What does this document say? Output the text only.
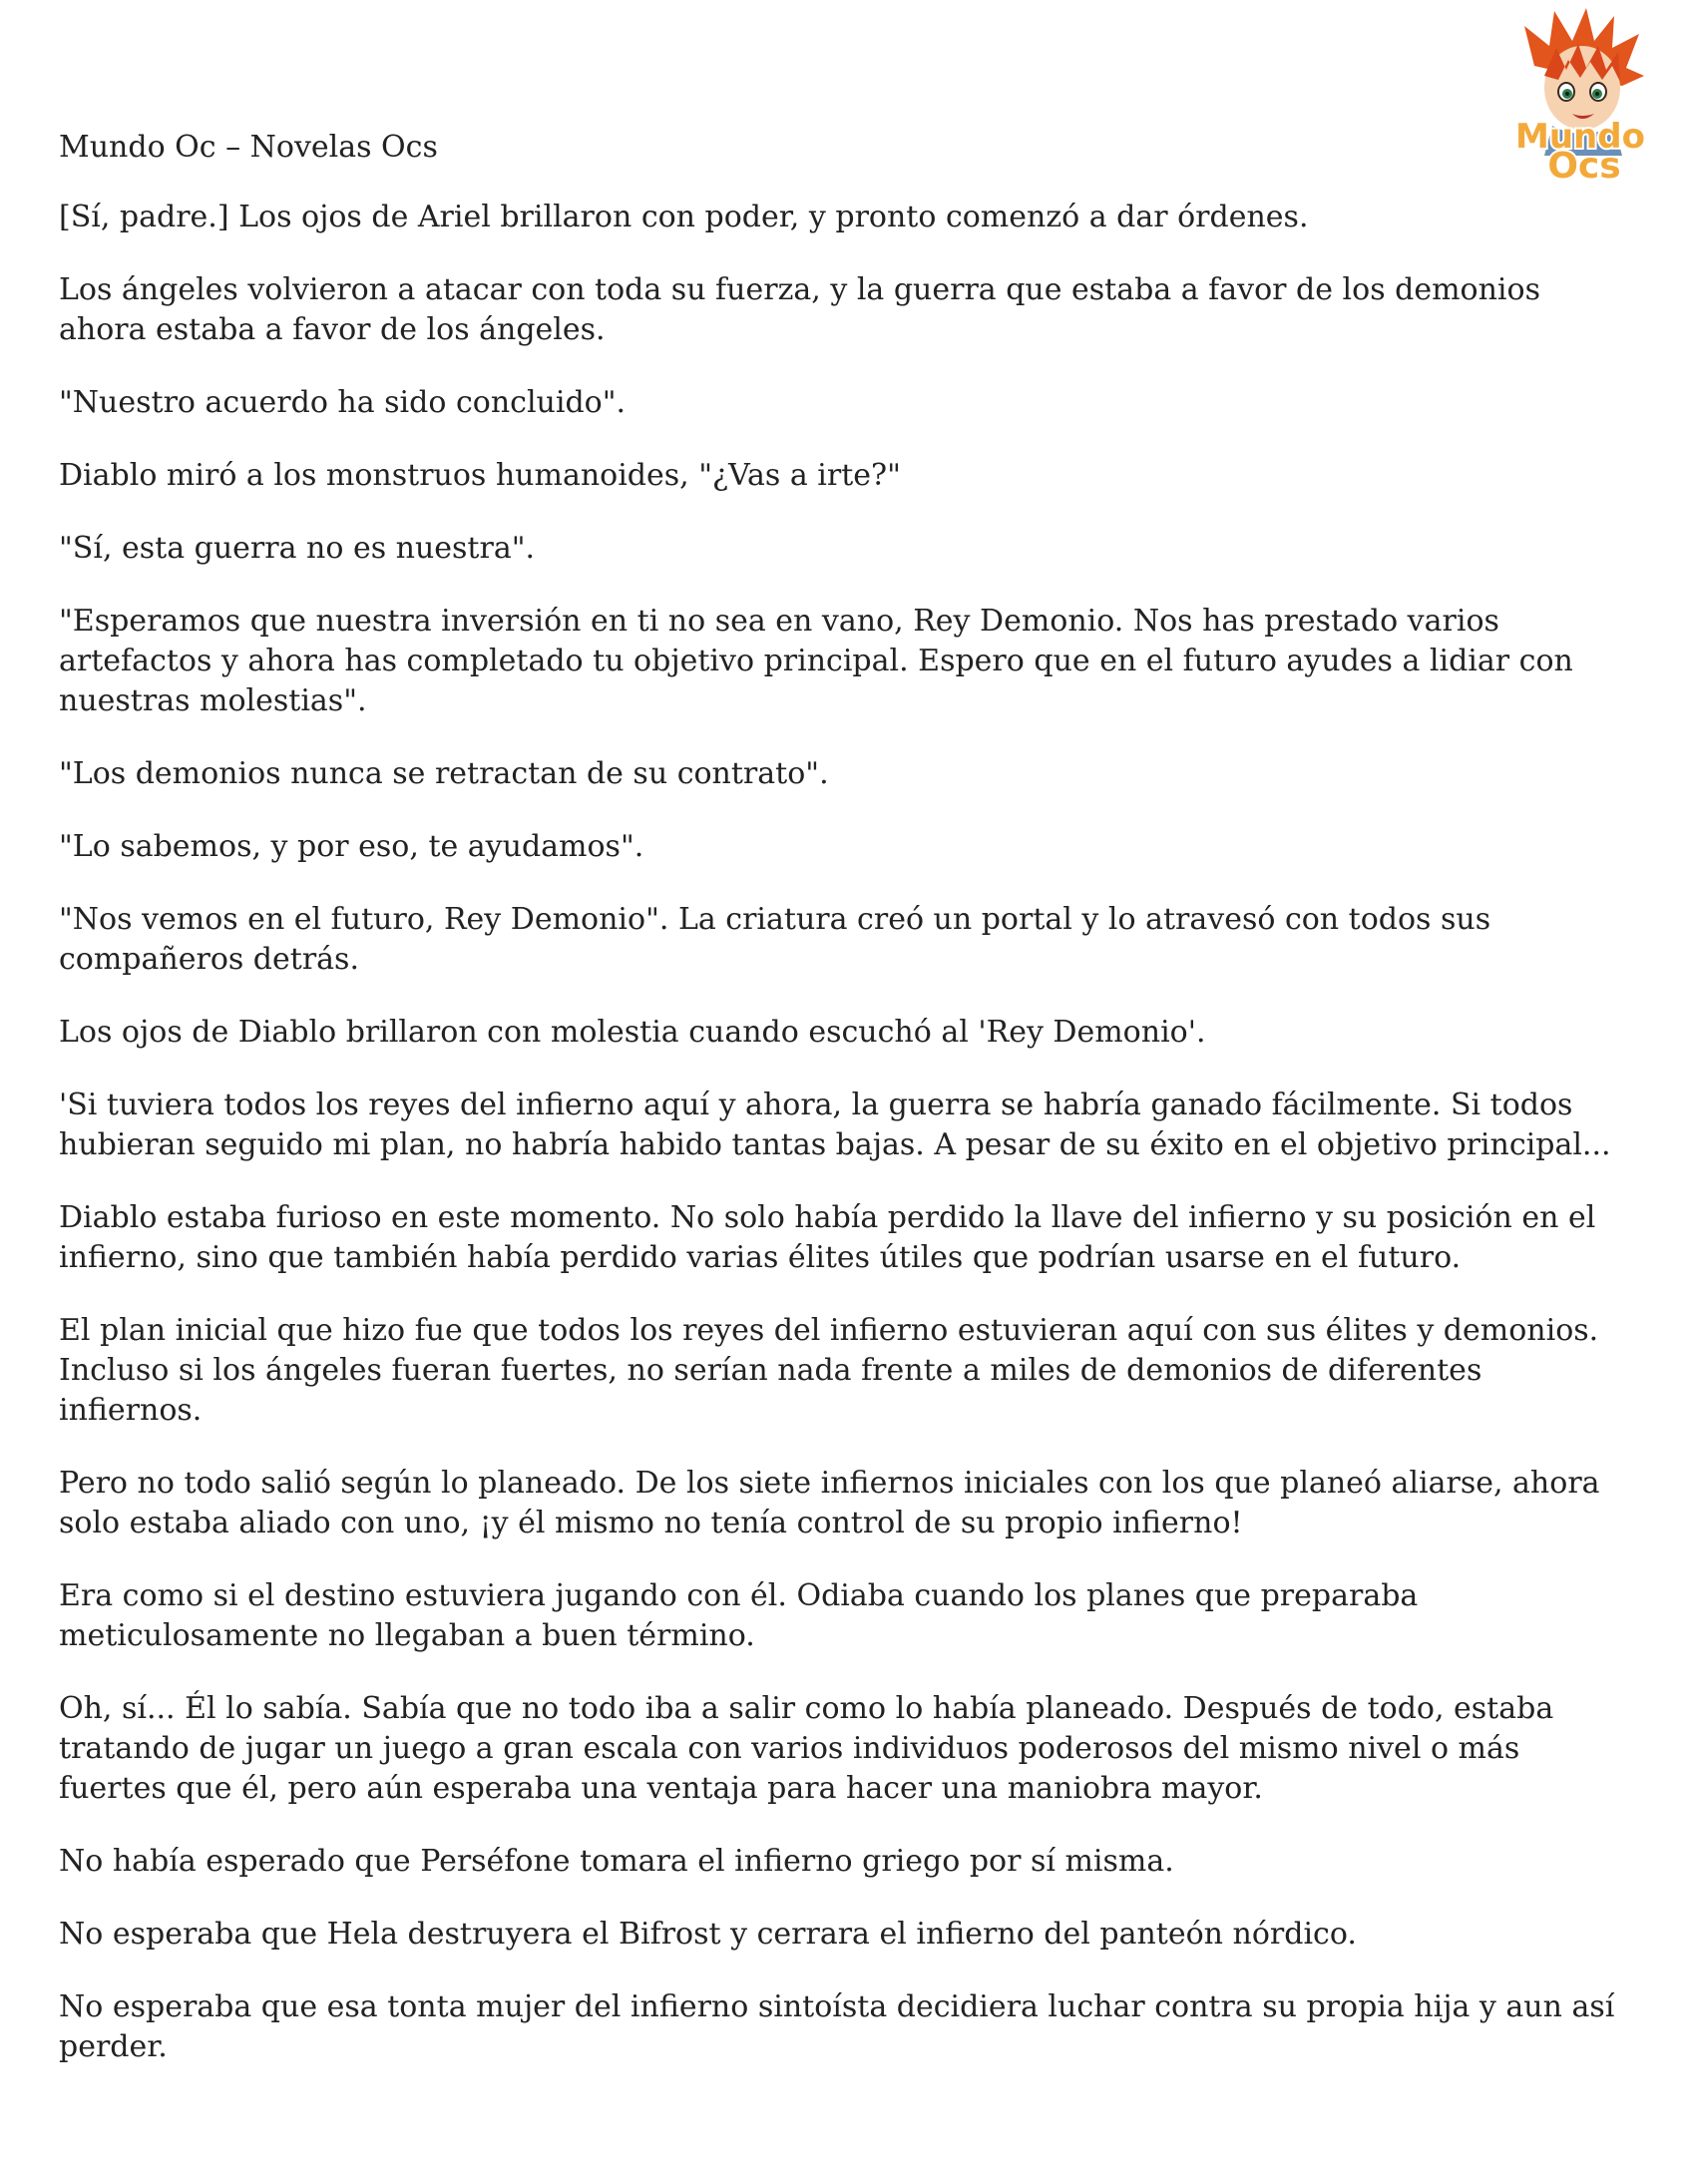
Mundo
Ocs

Mundo Oc – Novelas Ocs

[Sí, padre.] Los ojos de Ariel brillaron con poder, y pronto comenzó a dar órdenes.

Los ángeles volvieron a atacar con toda su fuerza, y la guerra que estaba a favor de los demonios ahora estaba a favor de los ángeles.

"Nuestro acuerdo ha sido concluido".

Diablo miró a los monstruos humanoides, "¿Vas a irte?"

"Sí, esta guerra no es nuestra".

"Esperamos que nuestra inversión en ti no sea en vano, Rey Demonio. Nos has prestado varios artefactos y ahora has completado tu objetivo principal. Espero que en el futuro ayudes a lidiar con nuestras molestias".

"Los demonios nunca se retractan de su contrato".

"Lo sabemos, y por eso, te ayudamos".

"Nos vemos en el futuro, Rey Demonio". La criatura creó un portal y lo atravesó con todos sus compañeros detrás.

Los ojos de Diablo brillaron con molestia cuando escuchó al 'Rey Demonio'.

'Si tuviera todos los reyes del infierno aquí y ahora, la guerra se habría ganado fácilmente. Si todos hubieran seguido mi plan, no habría habido tantas bajas. A pesar de su éxito en el objetivo principal...

Diablo estaba furioso en este momento. No solo había perdido la llave del infierno y su posición en el infierno, sino que también había perdido varias élites útiles que podrían usarse en el futuro.

El plan inicial que hizo fue que todos los reyes del infierno estuvieran aquí con sus élites y demonios. Incluso si los ángeles fueran fuertes, no serían nada frente a miles de demonios de diferentes infiernos.

Pero no todo salió según lo planeado. De los siete infiernos iniciales con los que planeó aliarse, ahora solo estaba aliado con uno, ¡y él mismo no tenía control de su propio infierno!

Era como si el destino estuviera jugando con él. Odiaba cuando los planes que preparaba meticulosamente no llegaban a buen término.

Oh, sí... Él lo sabía. Sabía que no todo iba a salir como lo había planeado. Después de todo, estaba tratando de jugar un juego a gran escala con varios individuos poderosos del mismo nivel o más fuertes que él, pero aún esperaba una ventaja para hacer una maniobra mayor.

No había esperado que Perséfone tomara el infierno griego por sí misma.

No esperaba que Hela destruyera el Bifrost y cerrara el infierno del panteón nórdico.

No esperaba que esa tonta mujer del infierno sintoísta decidiera luchar contra su propia hija y aun así perder.
